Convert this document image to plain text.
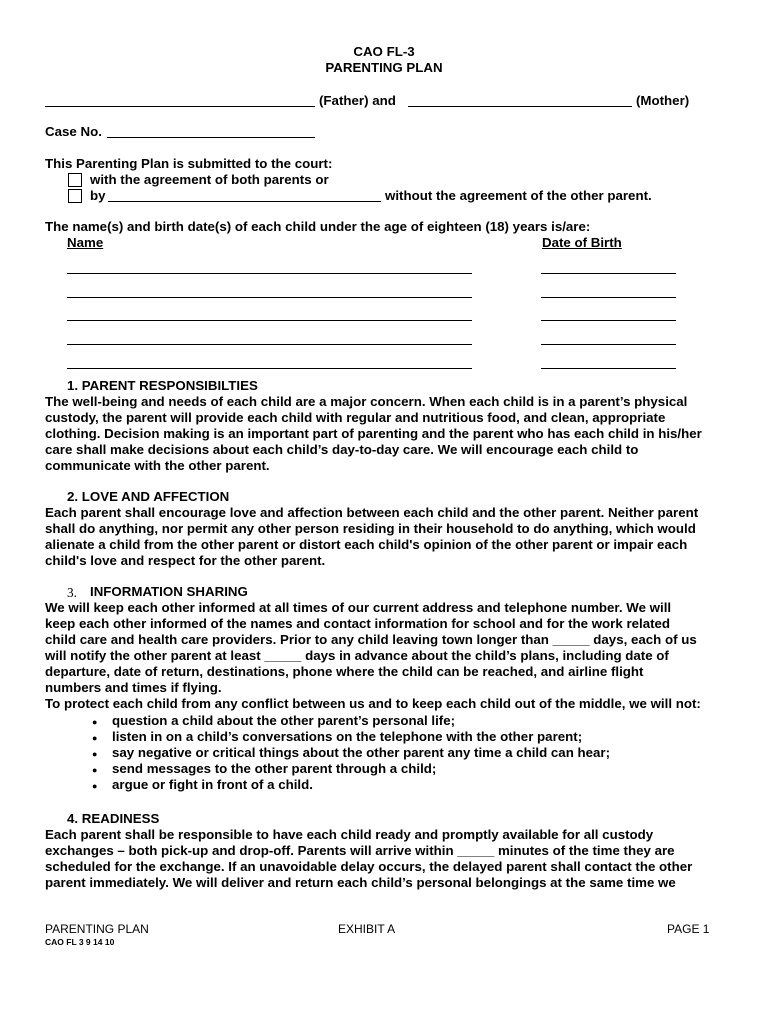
CAO FL-3
PARENTING PLAN
(Father) and	(Mother)
Case No.
This Parenting Plan is submitted to the court:
with the agreement of both parents or
by	without the agreement of the other parent.
The name(s) and birth date(s) of each child under the age of eighteen (18) years is/are:
Name	Date of Birth
1. PARENT RESPONSIBILTIES
The well-being and needs of each child are a major concern. When each child is in a parent’s physical
custody, the parent will provide each child with regular and nutritious food, and clean, appropriate
clothing. Decision making is an important part of parenting and the parent who has each child in his/her
care shall make decisions about each child’s day-to-day care. We will encourage each child to
communicate with the other parent.
2. LOVE AND AFFECTION
Each parent shall encourage love and affection between each child and the other parent. Neither parent
shall do anything, nor permit any other person residing in their household to do anything, which would
alienate a child from the other parent or distort each child's opinion of the other parent or impair each
child's love and respect for the other parent.
3. INFORMATION SHARING
We will keep each other informed at all times of our current address and telephone number. We will
keep each other informed of the names and contact information for school and for the work related
child care and health care providers. Prior to any child leaving town longer than _____ days, each of us
will notify the other parent at least _____ days in advance about the child’s plans, including date of
departure, date of return, destinations, phone where the child can be reached, and airline flight
numbers and times if flying.
To protect each child from any conflict between us and to keep each child out of the middle, we will not:
● question a child about the other parent’s personal life;
● listen in on a child’s conversations on the telephone with the other parent;
● say negative or critical things about the other parent any time a child can hear;
● send messages to the other parent through a child;
● argue or fight in front of a child.
4. READINESS
Each parent shall be responsible to have each child ready and promptly available for all custody
exchanges – both pick-up and drop-off. Parents will arrive within _____ minutes of the time they are
scheduled for the exchange. If an unavoidable delay occurs, the delayed parent shall contact the other
parent immediately. We will deliver and return each child’s personal belongings at the same time we
PARENTING PLAN	EXHIBIT A	PAGE 1
CAO FL 3 9 14 10
